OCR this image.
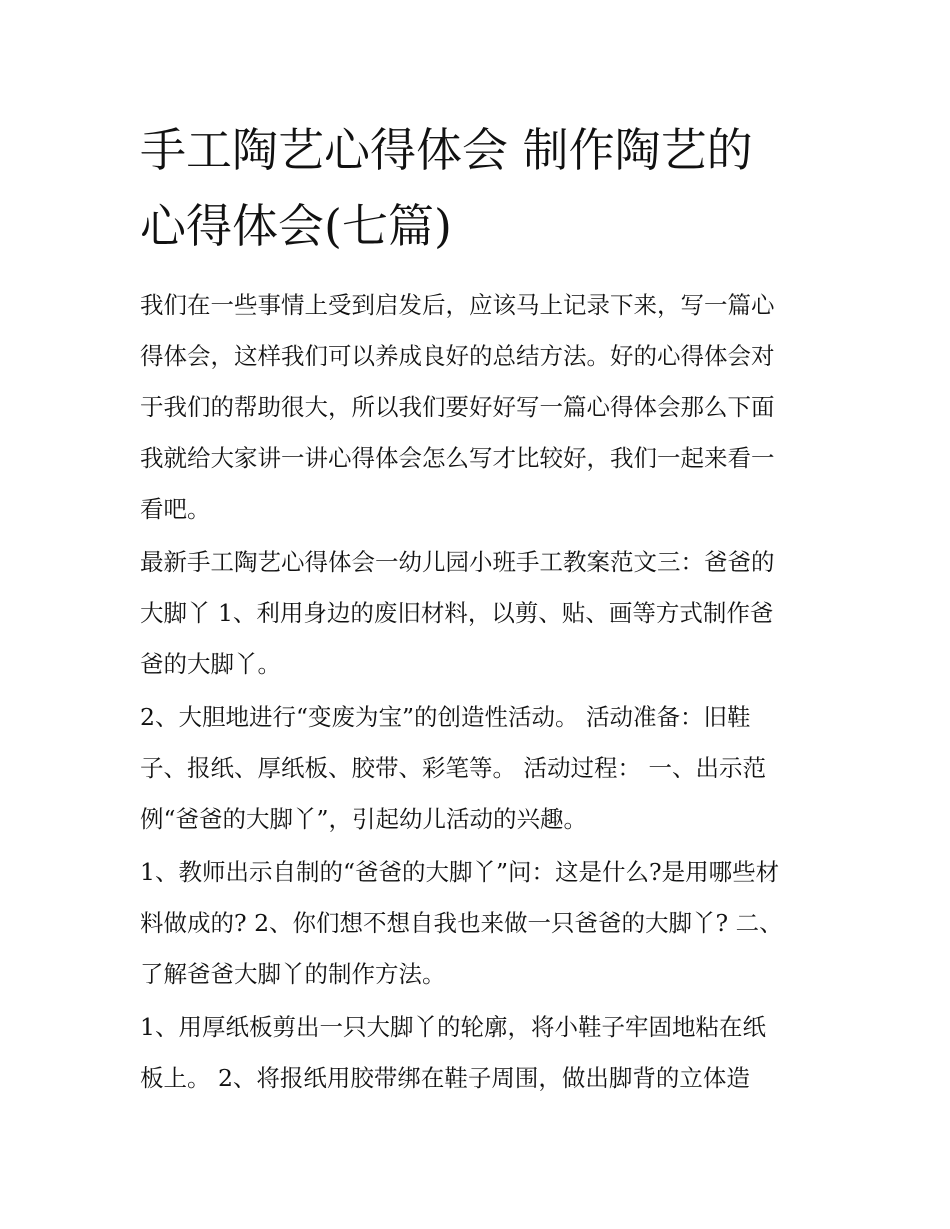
手工陶艺心得体会 制作陶艺的
心得体会(七篇)

我们在一些事情上受到启发后，应该马上记录下来，写一篇心
得体会，这样我们可以养成良好的总结方法。好的心得体会对
于我们的帮助很大，所以我们要好好写一篇心得体会那么下面
我就给大家讲一讲心得体会怎么写才比较好，我们一起来看一
看吧。

最新手工陶艺心得体会一幼儿园小班手工教案范文三：爸爸的
大脚丫 1、利用身边的废旧材料，以剪、贴、画等方式制作爸
爸的大脚丫。

2、大胆地进行“变废为宝”的创造性活动。 活动准备：旧鞋
子、报纸、厚纸板、胶带、彩笔等。 活动过程： 一、出示范
例“爸爸的大脚丫”，引起幼儿活动的兴趣。

1、教师出示自制的“爸爸的大脚丫”问：这是什么?是用哪些材
料做成的? 2、你们想不想自我也来做一只爸爸的大脚丫? 二、
了解爸爸大脚丫的制作方法。

1、用厚纸板剪出一只大脚丫的轮廓，将小鞋子牢固地粘在纸
板上。 2、将报纸用胶带绑在鞋子周围，做出脚背的立体造
